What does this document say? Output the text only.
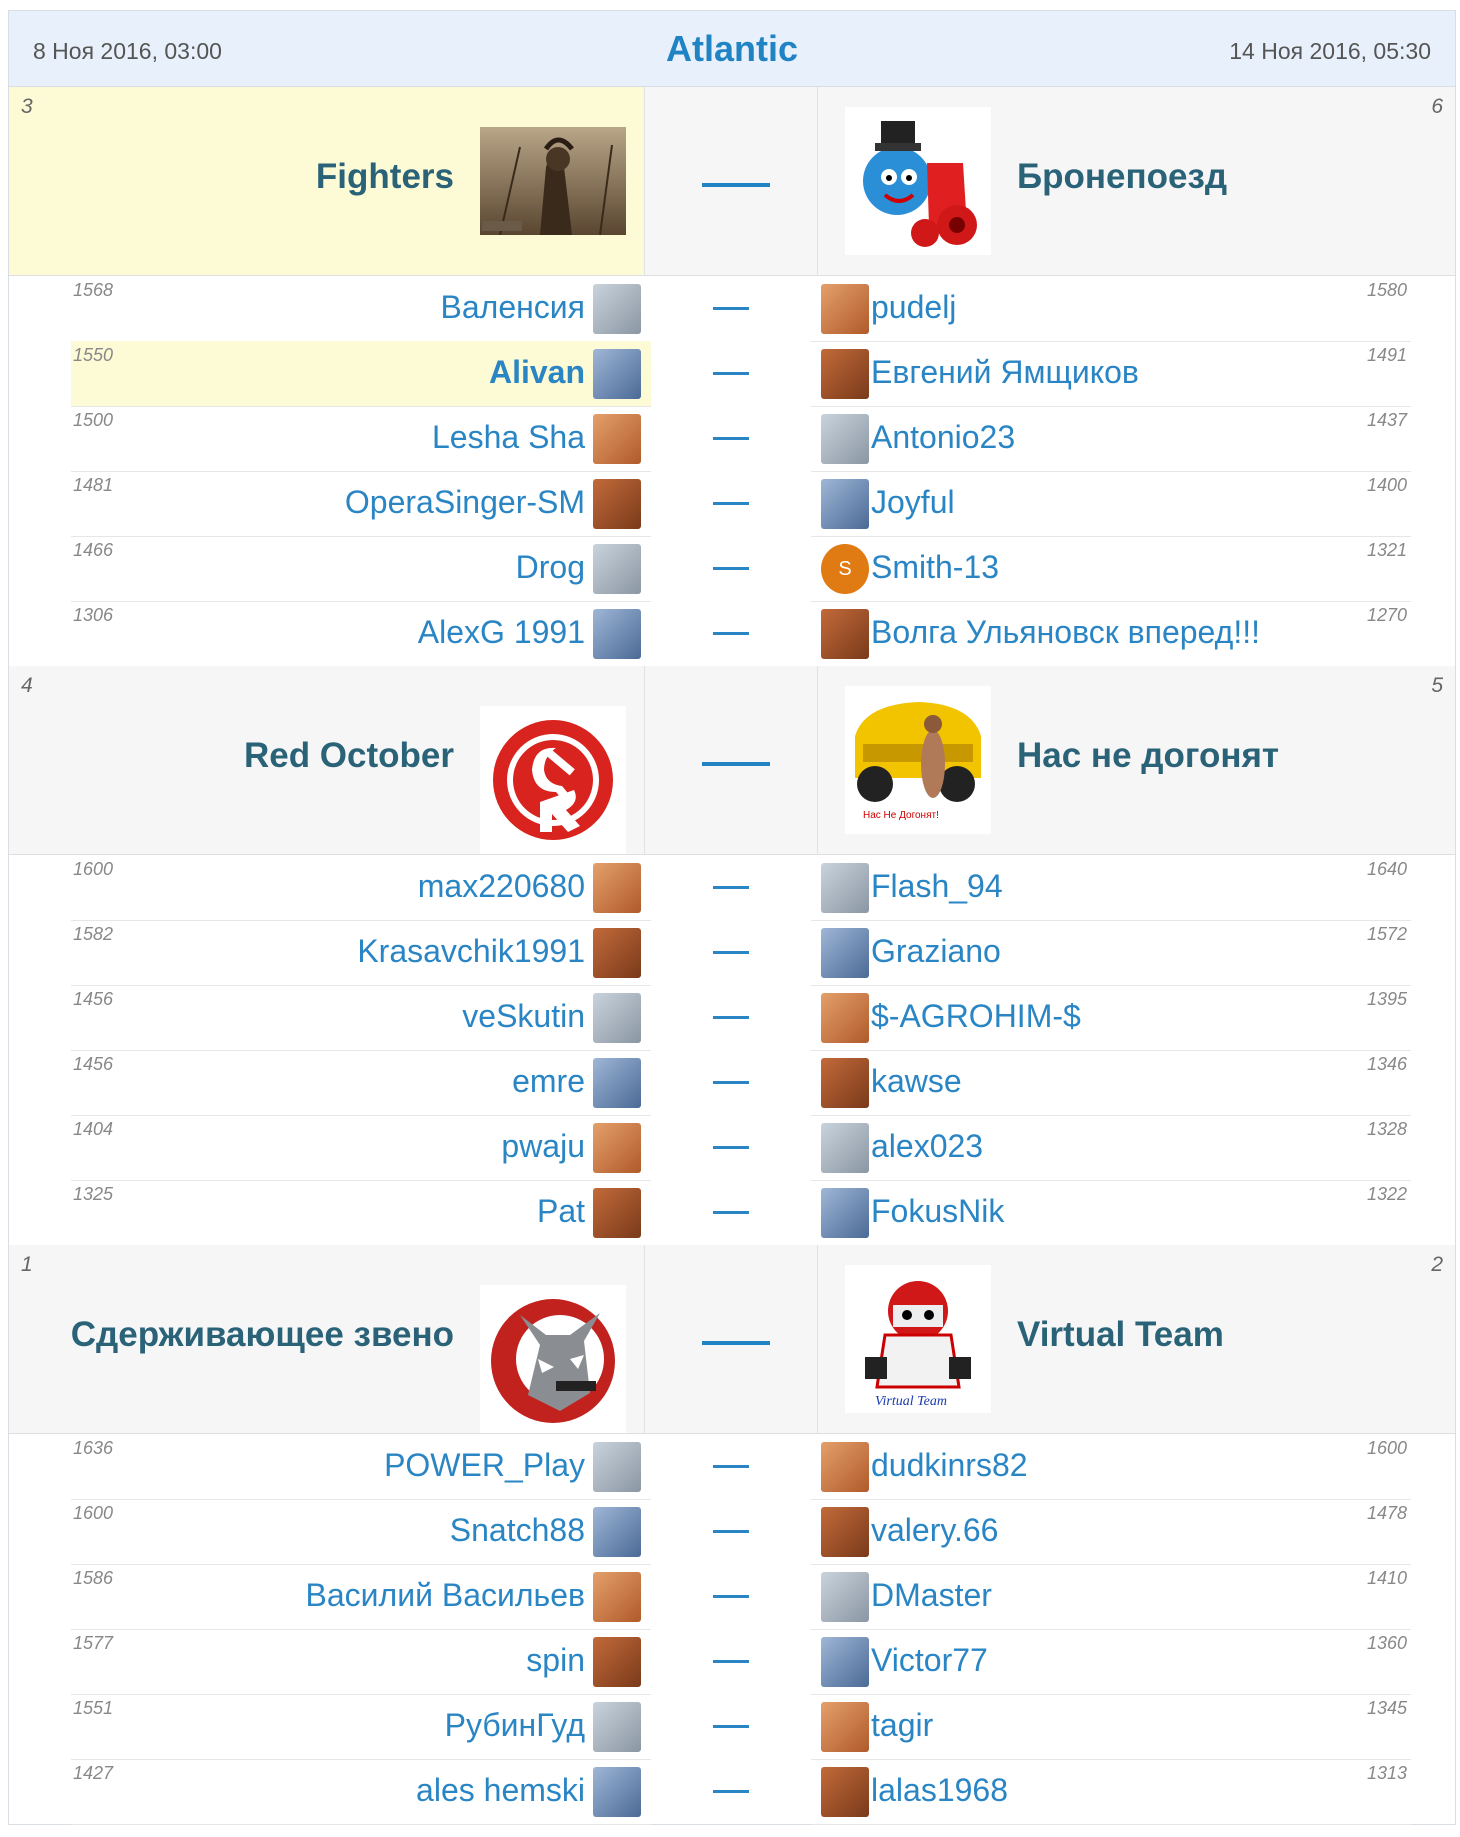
8 Ноя 2016, 03:00	Atlantic	14 Ноя 2016, 05:30
3
Fighters	Бронепоезд
6
1568	Валенсия	pudelj	1580
1550	Alivan	Евгений Ямщиков	1491
1500	Lesha Sha	Antonio23	1437
1481	OperaSinger-SM	Joyful	1400
1466	Drog	S Smith-13	1321
1306	AlexG 1991	Волга Ульяновск вперед!!!	1270
4
Red October
Нас Не Догонят!
Нас не догонят
5
1600	max220680	Flash_94	1640
1582	Krasavchik1991	Graziano	1572
1456	veSkutin	$-AGROHIM-$	1395
1456	emre	kawse	1346
1404	pwaju	alex023	1328
1325	Pat	FokusNik	1322
1
Сдерживающее звено
Virtual Team
Virtual Team
2
1636	POWER_Play	dudkinrs82	1600
1600	Snatch88	valery.66	1478
1586	Василий Васильев	DMaster	1410
1577	spin	Victor77	1360
1551	РубинГуд	tagir	1345
1427	ales hemski	lalas1968	1313
